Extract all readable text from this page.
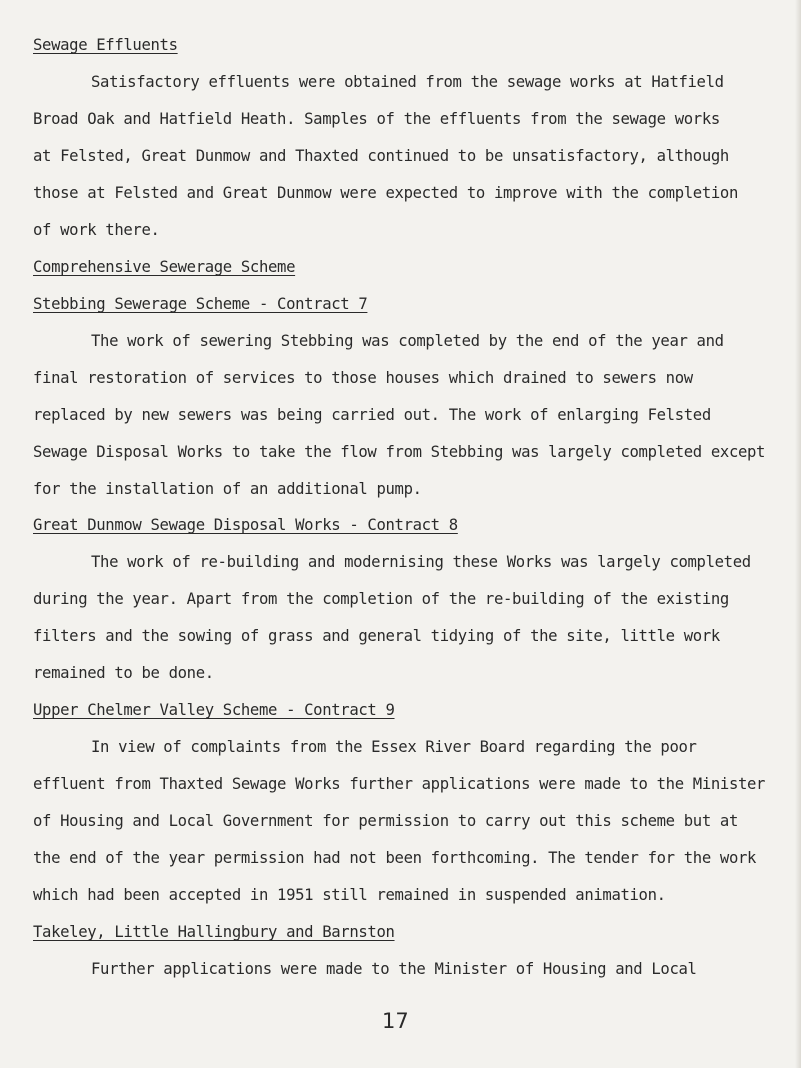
Sewage Effluents
Satisfactory effluents were obtained from the sewage works at Hatfield
Broad Oak and Hatfield Heath. Samples of the effluents from the sewage works
at Felsted, Great Dunmow and Thaxted continued to be unsatisfactory, although
those at Felsted and Great Dunmow were expected to improve with the completion
of work there.
Comprehensive Sewerage Scheme
Stebbing Sewerage Scheme - Contract 7
The work of sewering Stebbing was completed by the end of the year and
final restoration of services to those houses which drained to sewers now
replaced by new sewers was being carried out. The work of enlarging Felsted
Sewage Disposal Works to take the flow from Stebbing was largely completed except
for the installation of an additional pump.
Great Dunmow Sewage Disposal Works - Contract 8
The work of re-building and modernising these Works was largely completed
during the year. Apart from the completion of the re-building of the existing
filters and the sowing of grass and general tidying of the site, little work
remained to be done.
Upper Chelmer Valley Scheme - Contract 9
In view of complaints from the Essex River Board regarding the poor
effluent from Thaxted Sewage Works further applications were made to the Minister
of Housing and Local Government for permission to carry out this scheme but at
the end of the year permission had not been forthcoming. The tender for the work
which had been accepted in 1951 still remained in suspended animation.
Takeley, Little Hallingbury and Barnston
Further applications were made to the Minister of Housing and Local
17
